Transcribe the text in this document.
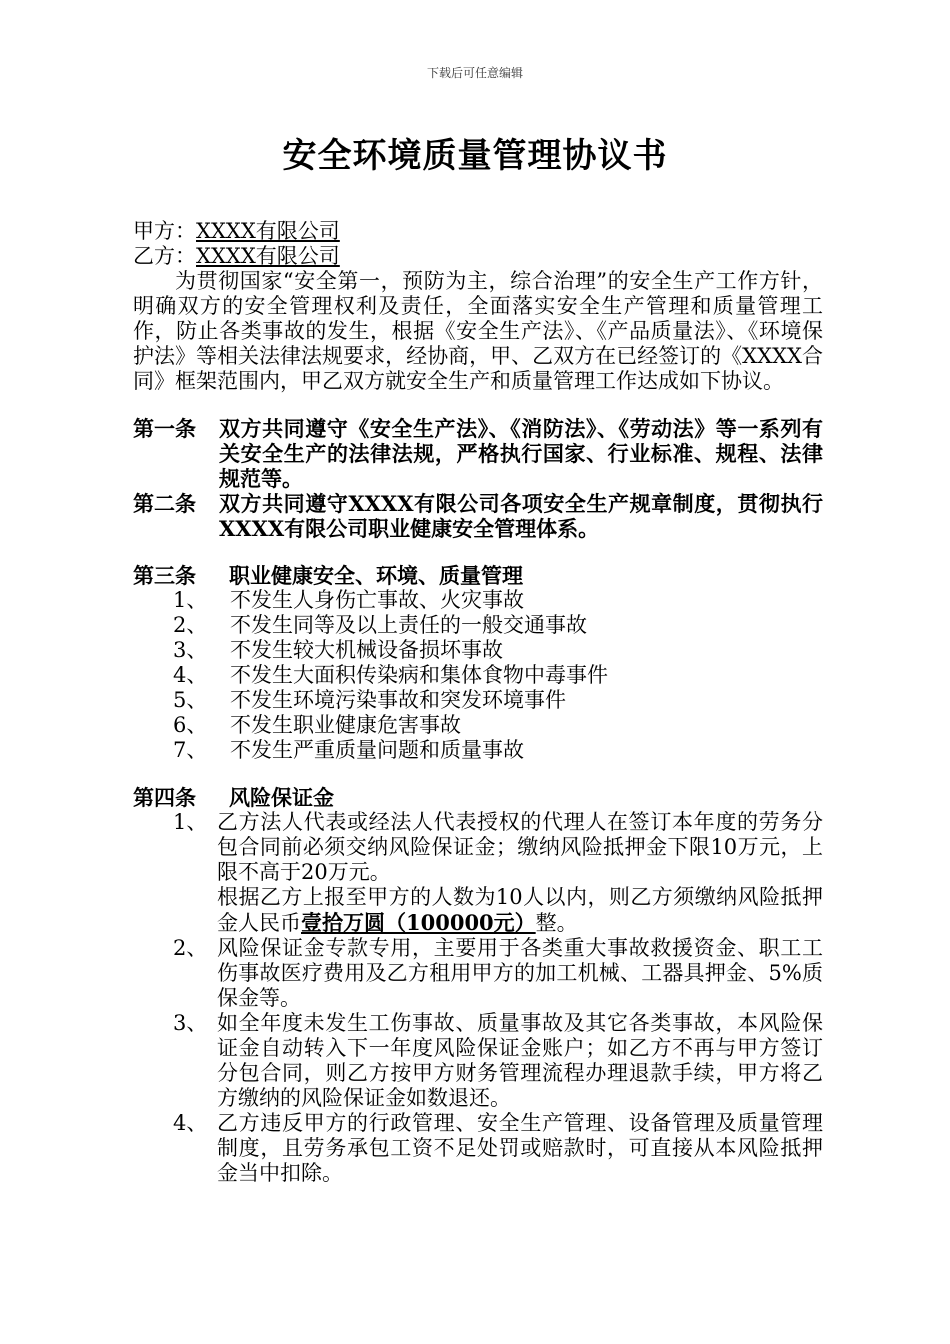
下载后可任意编辑
安全环境质量管理协议书
甲方：XXXX有限公司
乙方：XXXX有限公司
为贯彻国家“安全第一，预防为主，综合治理”的安全生产工作方针，明确双方的安全管理权利及责任，全面落实安全生产管理和质量管理工作，防止各类事故的发生，根据《安全生产法》、《产品质量法》、《环境保护法》等相关法律法规要求，经协商，甲、乙双方在已经签订的《XXXX合同》框架范围内，甲乙双方就安全生产和质量管理工作达成如下协议。
第一条	双方共同遵守《安全生产法》、《消防法》、《劳动法》等一系列有关安全生产的法律法规，严格执行国家、行业标准、规程、法律规范等。
第二条	双方共同遵守XXXX有限公司各项安全生产规章制度，贯彻执行XXXX有限公司职业健康安全管理体系。
第三条 职业健康安全、环境、质量管理
1、	不发生人身伤亡事故、火灾事故
2、	不发生同等及以上责任的一般交通事故
3、	不发生较大机械设备损坏事故
4、	不发生大面积传染病和集体食物中毒事件
5、	不发生环境污染事故和突发环境事件
6、	不发生职业健康危害事故
7、	不发生严重质量问题和质量事故
第四条 风险保证金
1、 乙方法人代表或经法人代表授权的代理人在签订本年度的劳务分包合同前必须交纳风险保证金；缴纳风险抵押金下限10万元，上限不高于20万元。
根据乙方上报至甲方的人数为10人以内，则乙方须缴纳风险抵押金人民币壹拾万圆（100000元）整。
2、 风险保证金专款专用，主要用于各类重大事故救援资金、职工工伤事故医疗费用及乙方租用甲方的加工机械、工器具押金、5%质保金等。
3、 如全年度未发生工伤事故、质量事故及其它各类事故，本风险保证金自动转入下一年度风险保证金账户；如乙方不再与甲方签订分包合同，则乙方按甲方财务管理流程办理退款手续，甲方将乙方缴纳的风险保证金如数退还。
4、 乙方违反甲方的行政管理、安全生产管理、设备管理及质量管理制度，且劳务承包工资不足处罚或赔款时，可直接从本风险抵押金当中扣除。
